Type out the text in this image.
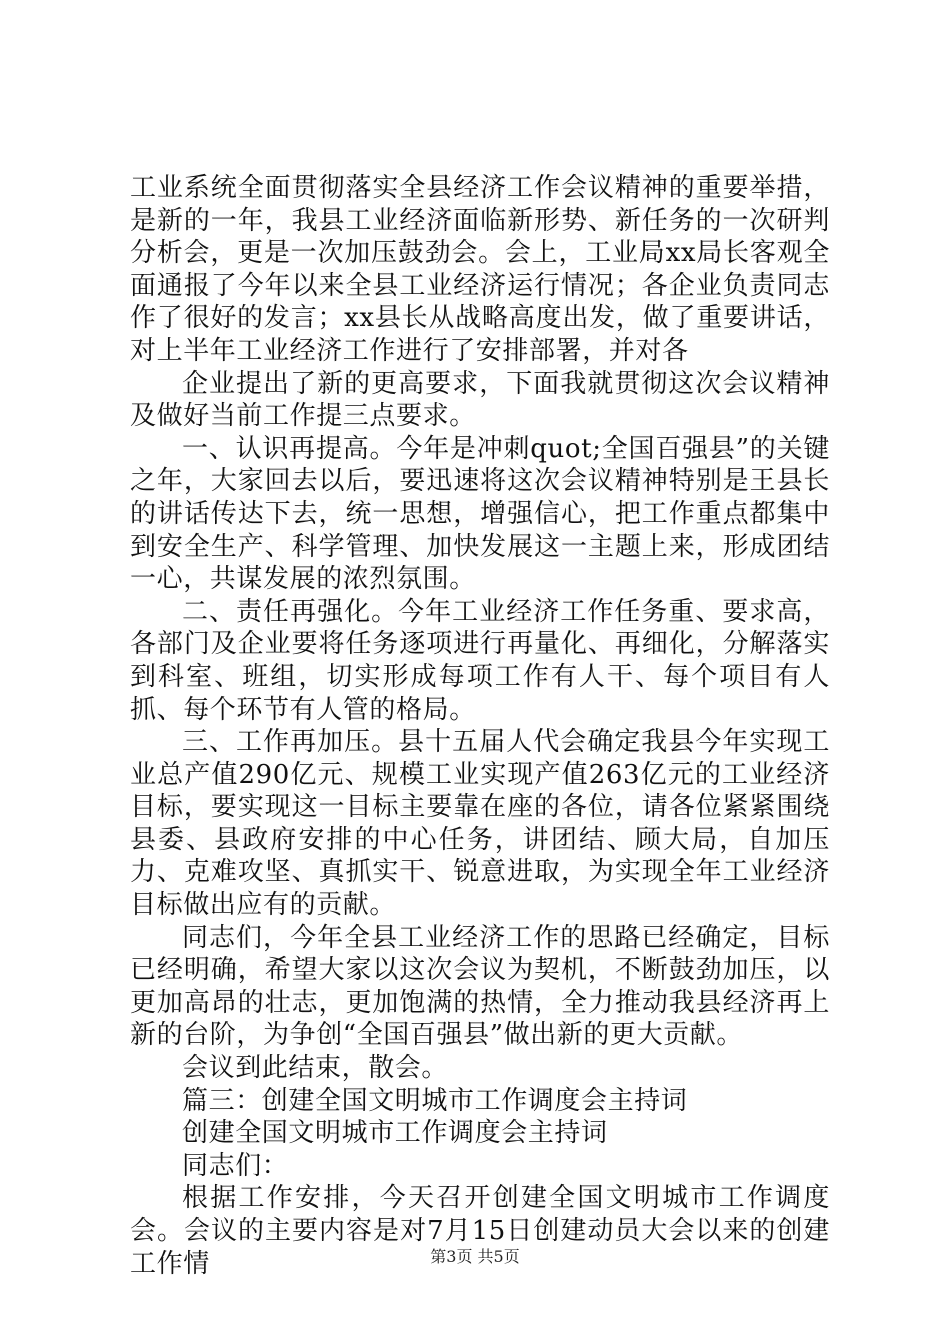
工业系统全面贯彻落实全县经济工作会议精神的重要举措，是新的一年，我县工业经济面临新形势、新任务的一次研判分析会，更是一次加压鼓劲会。会上，工业局xx局长客观全面通报了今年以来全县工业经济运行情况；各企业负责同志作了很好的发言；xx县长从战略高度出发，做了重要讲话，对上半年工业经济工作进行了安排部署，并对各

企业提出了新的更高要求，下面我就贯彻这次会议精神及做好当前工作提三点要求。

一、认识再提高。今年是冲刺quot;全国百强县”的关键之年，大家回去以后，要迅速将这次会议精神特别是王县长的讲话传达下去，统一思想，增强信心，把工作重点都集中到安全生产、科学管理、加快发展这一主题上来，形成团结一心，共谋发展的浓烈氛围。

二、责任再强化。今年工业经济工作任务重、要求高，各部门及企业要将任务逐项进行再量化、再细化，分解落实到科室、班组，切实形成每项工作有人干、每个项目有人抓、每个环节有人管的格局。

三、工作再加压。县十五届人代会确定我县今年实现工业总产值290亿元、规模工业实现产值263亿元的工业经济目标，要实现这一目标主要靠在座的各位，请各位紧紧围绕县委、县政府安排的中心任务，讲团结、顾大局，自加压力、克难攻坚、真抓实干、锐意进取，为实现全年工业经济目标做出应有的贡献。

同志们，今年全县工业经济工作的思路已经确定，目标已经明确，希望大家以这次会议为契机，不断鼓劲加压，以更加高昂的壮志，更加饱满的热情，全力推动我县经济再上新的台阶，为争创“全国百强县”做出新的更大贡献。

会议到此结束，散会。

篇三：创建全国文明城市工作调度会主持词

创建全国文明城市工作调度会主持词

同志们：

根据工作安排，今天召开创建全国文明城市工作调度会。会议的主要内容是对7月15日创建动员大会以来的创建工作情	第3页 共5页
